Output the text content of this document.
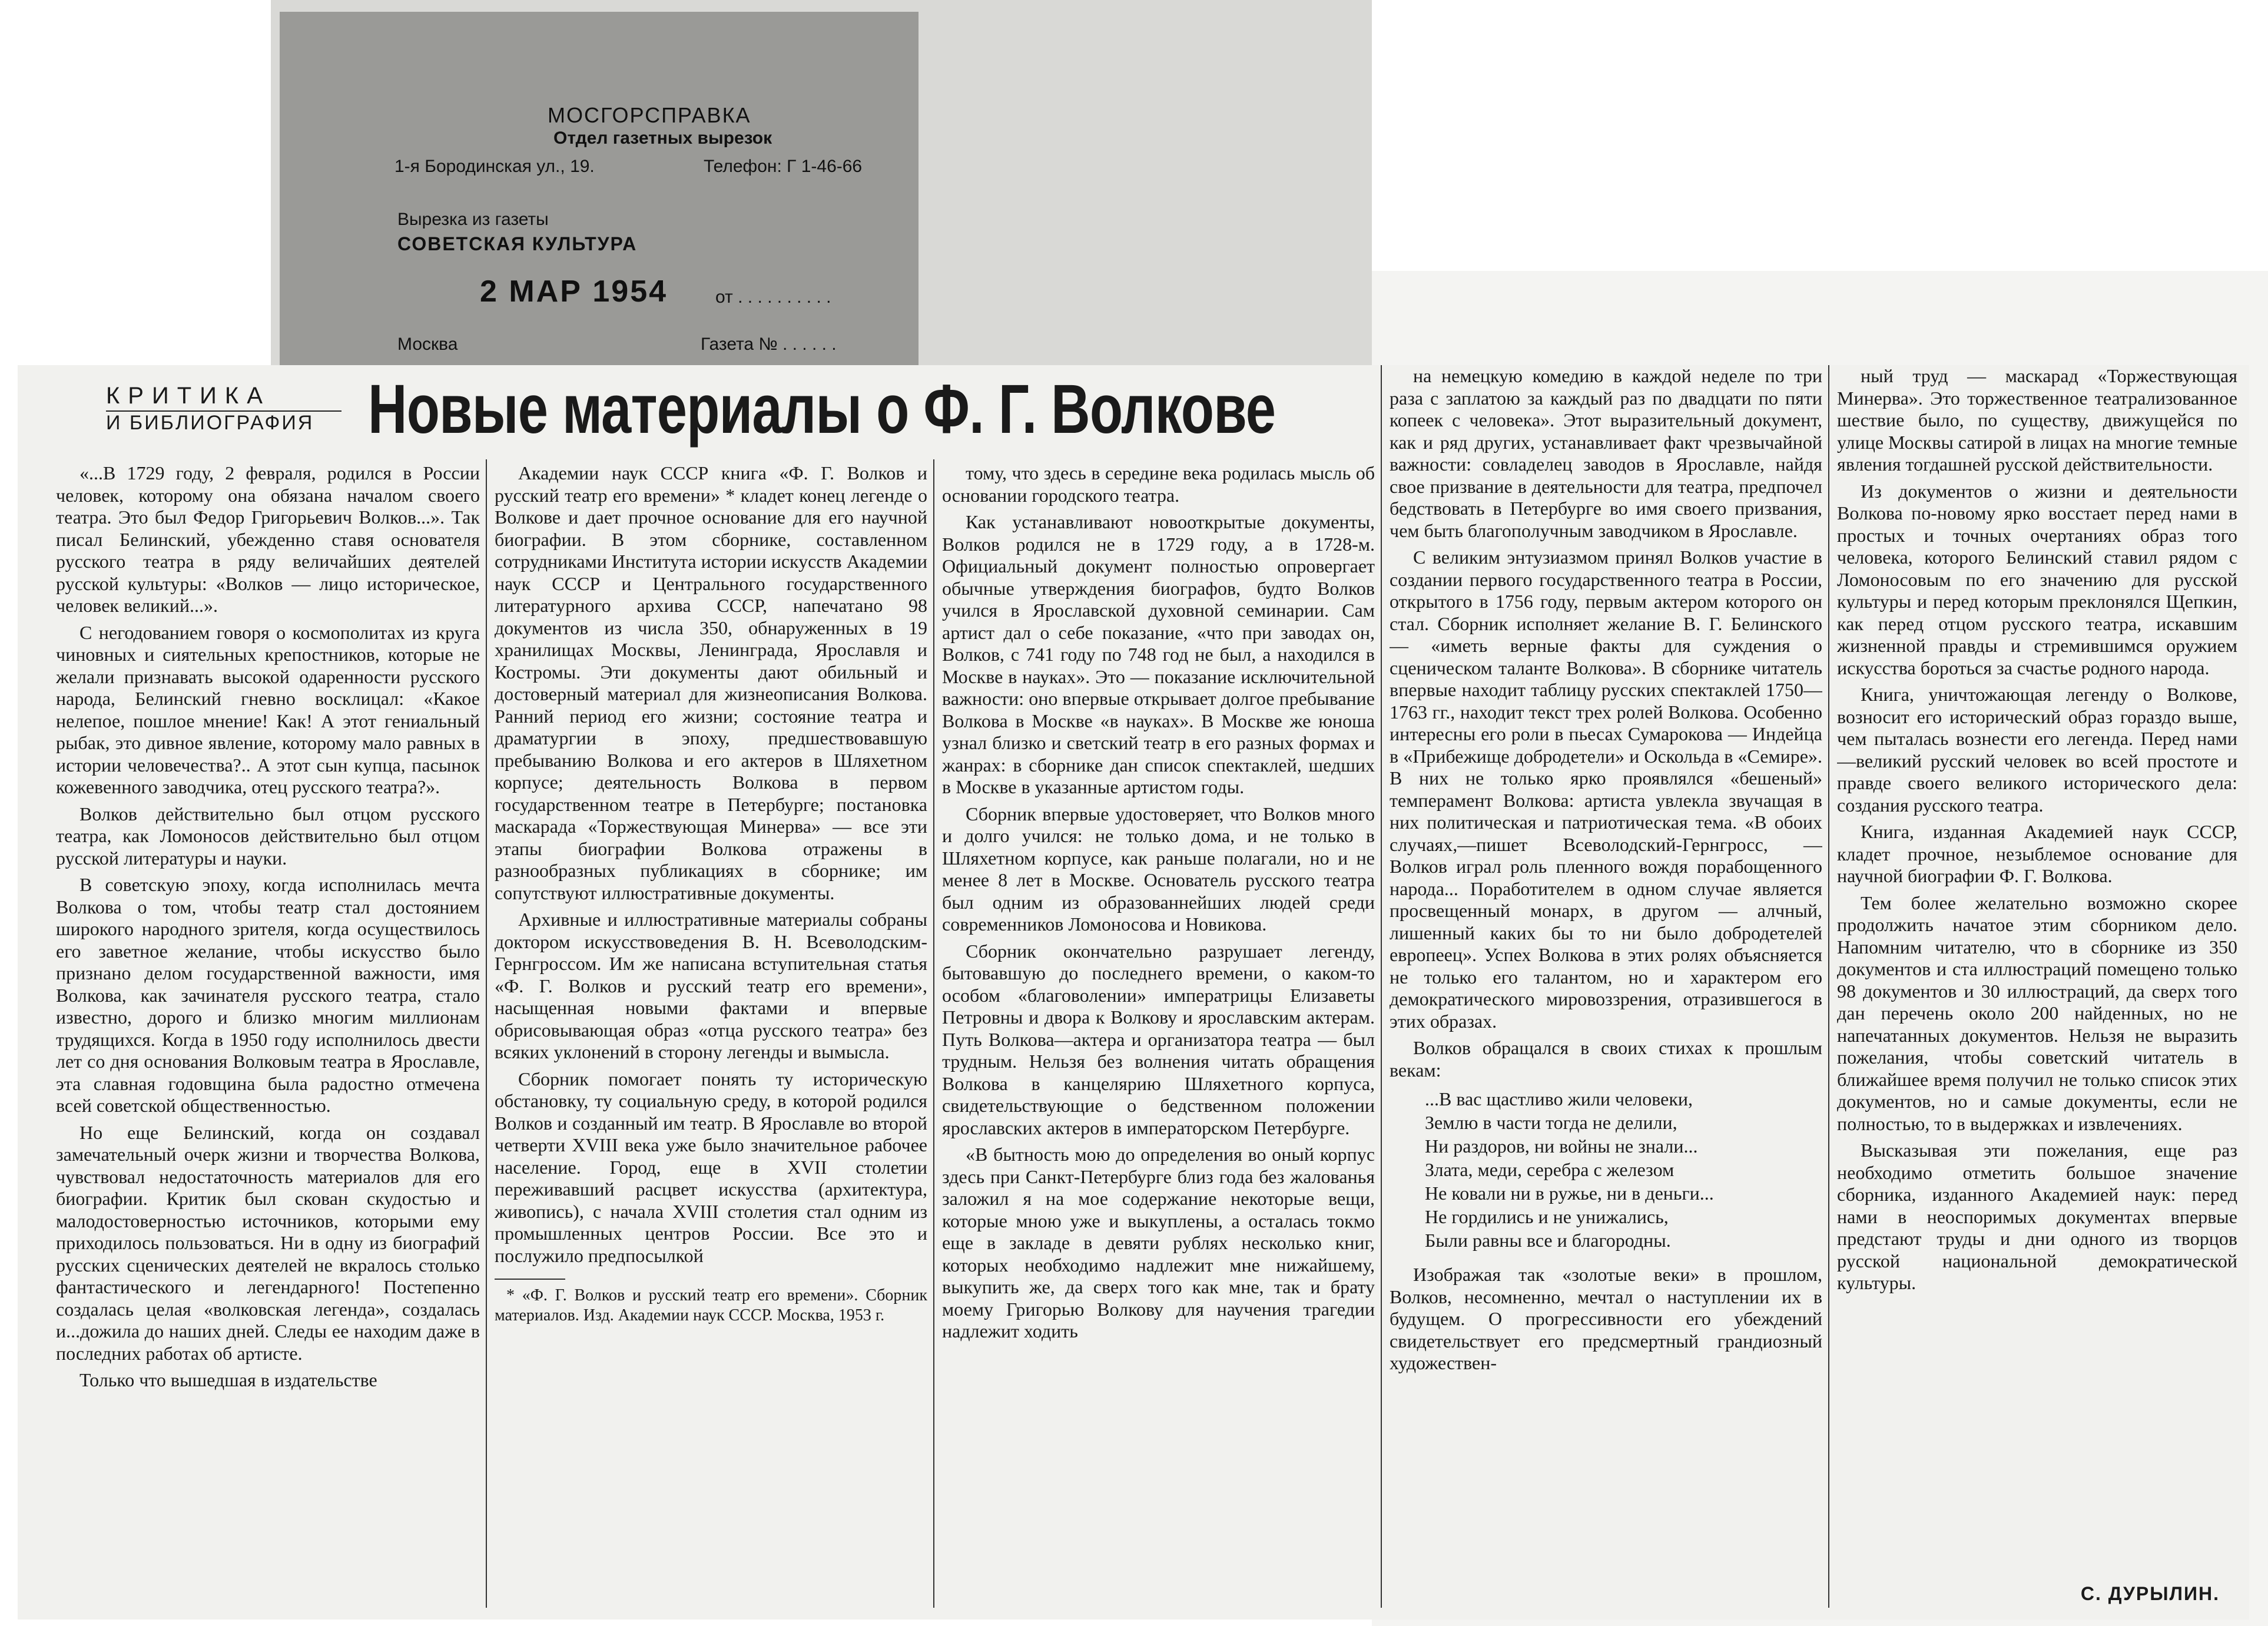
МОСГОРСПРАВКА
Отдел газетных вырезок
1-я Бородинская ул., 19.	Телефон: Г 1-46-66
Вырезка из газеты
СОВЕТСКАЯ КУЛЬТУРА
2 МАР 1954	от . . . . . . . . . .
Москва	Газета № . . . . . .
КРИТИКА
И БИБЛИОГРАФИЯ Новые материалы о Ф. Г. Волкове

«...В 1729 году, 2 февраля, родился в России человек, которому она обязана началом своего театра. Это был Федор Григорьевич Волков...». Так писал Белинский, убежденно ставя основателя русского театра в ряду величайших деятелей русской культуры: «Волков — лицо историческое, человек великий...».

С негодованием говоря о космополитах из круга чиновных и сиятельных крепостников, которые не желали признавать высокой одаренности русского народа, Белинский гневно восклицал: «Какое нелепое, пошлое мнение! Как! А этот гениальный рыбак, это дивное явление, которому мало равных в истории человечества?.. А этот сын купца, пасынок кожевенного заводчика, отец русского театра?».

Волков действительно был отцом русского театра, как Ломоносов действительно был отцом русской литературы и науки.

В советскую эпоху, когда исполнилась мечта Волкова о том, чтобы театр стал достоянием широкого народного зрителя, когда осуществилось его заветное желание, чтобы искусство было признано делом государственной важности, имя Волкова, как зачинателя русского театра, стало известно, дорого и близко многим миллионам трудящихся. Когда в 1950 году исполнилось двести лет со дня основания Волковым театра в Ярославле, эта славная годовщина была радостно отмечена всей советской общественностью.

Но еще Белинский, когда он создавал замечательный очерк жизни и творчества Волкова, чувствовал недостаточность материалов для его биографии. Критик был скован скудостью и малодостоверностью источников, которыми ему приходилось пользоваться. Ни в одну из биографий русских сценических деятелей не вкралось столько фантастического и легендарного! Постепенно создалась целая «волковская легенда», создалась и...дожила до наших дней. Следы ее находим даже в последних работах об артисте.

Только что вышедшая в издательстве

Академии наук СССР книга «Ф. Г. Волков и русский театр его времени» * кладет конец легенде о Волкове и дает прочное основание для его научной биографии. В этом сборнике, составленном сотрудниками Института истории искусств Академии наук СССР и Центрального государственного литературного архива СССР, напечатано 98 документов из числа 350, обнаруженных в 19 хранилищах Москвы, Ленинграда, Ярославля и Костромы. Эти документы дают обильный и достоверный материал для жизнеописания Волкова. Ранний период его жизни; состояние театра и драматургии в эпоху, предшествовавшую пребыванию Волкова и его актеров в Шляхетном корпусе; деятельность Волкова в первом государственном театре в Петербурге; постановка маскарада «Торжествующая Минерва» — все эти этапы биографии Волкова отражены в разнообразных публикациях в сборнике; им сопутствуют иллюстративные документы.

Архивные и иллюстративные материалы собраны доктором искусствоведения В. Н. Всеволодским-Гернгроссом. Им же написана вступительная статья «Ф. Г. Волков и русский театр его времени», насыщенная новыми фактами и впервые обрисовывающая образ «отца русского театра» без всяких уклонений в сторону легенды и вымысла.

Сборник помогает понять ту историческую обстановку, ту социальную среду, в которой родился Волков и созданный им театр. В Ярославле во второй четверти XVIII века уже было значительное рабочее население. Город, еще в XVII столетии переживавший расцвет искусства (архитектура, живопись), с начала XVIII столетия стал одним из промышленных центров России. Все это и послужило предпосылкой

* «Ф. Г. Волков и русский театр его времени». Сборник материалов. Изд. Академии наук СССР. Москва, 1953 г.

тому, что здесь в середине века родилась мысль об основании городского театра.

Как устанавливают новооткрытые документы, Волков родился не в 1729 году, а в 1728-м. Официальный документ полностью опровергает обычные утверждения биографов, будто Волков учился в Ярославской духовной семинарии. Сам артист дал о себе показание, «что при заводах он, Волков, с 741 году по 748 год не был, а находился в Москве в науках». Это — показание исключительной важности: оно впервые открывает долгое пребывание Волкова в Москве «в науках». В Москве же юноша узнал близко и светский театр в его разных формах и жанрах: в сборнике дан список спектаклей, шедших в Москве в указанные артистом годы.

Сборник впервые удостоверяет, что Волков много и долго учился: не только дома, и не только в Шляхетном корпусе, как раньше полагали, но и не менее 8 лет в Москве. Основатель русского театра был одним из образованнейших людей среди современников Ломоносова и Новикова.

Сборник окончательно разрушает легенду, бытовавшую до последнего времени, о каком-то особом «благоволении» императрицы Елизаветы Петровны и двора к Волкову и ярославским актерам. Путь Волкова—актера и организатора театра — был трудным. Нельзя без волнения читать обращения Волкова в канцелярию Шляхетного корпуса, свидетельствующие о бедственном положении ярославских актеров в императорском Петербурге.

«В бытность мою до определения во оный корпус здесь при Санкт-Петербурге близ года без жалованья заложил я на мое содержание некоторые вещи, которые мною уже и выкуплены, а осталась токмо еще в закладе в девяти рублях несколько книг, которых необходимо надлежит мне нижайшему, выкупить же, да сверх того как мне, так и брату моему Григорью Волкову для научения трагедии надлежит ходить

на немецкую комедию в каждой неделе по три раза с заплатою за каждый раз по двадцати по пяти копеек с человека». Этот выразительный документ, как и ряд других, устанавливает факт чрезвычайной важности: совладелец заводов в Ярославле, найдя свое призвание в деятельности для театра, предпочел бедствовать в Петербурге во имя своего призвания, чем быть благополучным заводчиком в Ярославле.

С великим энтузиазмом принял Волков участие в создании первого государственного театра в России, открытого в 1756 году, первым актером которого он стал. Сборник исполняет желание В. Г. Белинского — «иметь верные факты для суждения о сценическом таланте Волкова». В сборнике читатель впервые находит таблицу русских спектаклей 1750—1763 гг., находит текст трех ролей Волкова. Особенно интересны его роли в пьесах Сумарокова — Индейца в «Прибежище добродетели» и Оскольда в «Семире». В них не только ярко проявлялся «бешеный» темперамент Волкова: артиста увлекла звучащая в них политическая и патриотическая тема. «В обоих случаях,—пишет Всеволодский-Гернгросс, — Волков играл роль пленного вождя порабощенного народа... Поработителем в одном случае является просвещенный монарх, в другом — алчный, лишенный каких бы то ни было добродетелей европеец». Успех Волкова в этих ролях объясняется не только его талантом, но и характером его демократического мировоззрения, отразившегося в этих образах.

Волков обращался в своих стихах к прошлым векам:

...В вас щастливо жили человеки,
Землю в части тогда не делили,
Ни раздоров, ни войны не знали...
Злата, меди, серебра с железом
Не ковали ни в ружье, ни в деньги...
Не гордились и не унижались,
Были равны все и благородны.

Изображая так «золотые веки» в прошлом, Волков, несомненно, мечтал о наступлении их в будущем. О прогрессивности его убеждений свидетельствует его предсмертный грандиозный художествен-

ный труд — маскарад «Торжествующая Минерва». Это торжественное театрализованное шествие было, по существу, движущейся по улице Москвы сатирой в лицах на многие темные явления тогдашней русской действительности.

Из документов о жизни и деятельности Волкова по-новому ярко восстает перед нами в простых и точных очертаниях образ того человека, которого Белинский ставил рядом с Ломоносовым по его значению для русской культуры и перед которым преклонялся Щепкин, как перед отцом русского театра, искавшим жизненной правды и стремившимся оружием искусства бороться за счастье родного народа.

Книга, уничтожающая легенду о Волкове, возносит его исторический образ гораздо выше, чем пыталась вознести его легенда. Перед нами—великий русский человек во всей простоте и правде своего великого исторического дела: создания русского театра.

Книга, изданная Академией наук СССР, кладет прочное, незыблемое основание для научной биографии Ф. Г. Волкова.

Тем более желательно возможно скорее продолжить начатое этим сборником дело. Напомним читателю, что в сборнике из 350 документов и ста иллюстраций помещено только 98 документов и 30 иллюстраций, да сверх того дан перечень около 200 найденных, но не напечатанных документов. Нельзя не выразить пожелания, чтобы советский читатель в ближайшее время получил не только список этих документов, но и самые документы, если не полностью, то в выдержках и извлечениях.

Высказывая эти пожелания, еще раз необходимо отметить большое значение сборника, изданного Академией наук: перед нами в неоспоримых документах впервые предстают труды и дни одного из творцов русской национальной демократической культуры.

С. ДУРЫЛИН.
